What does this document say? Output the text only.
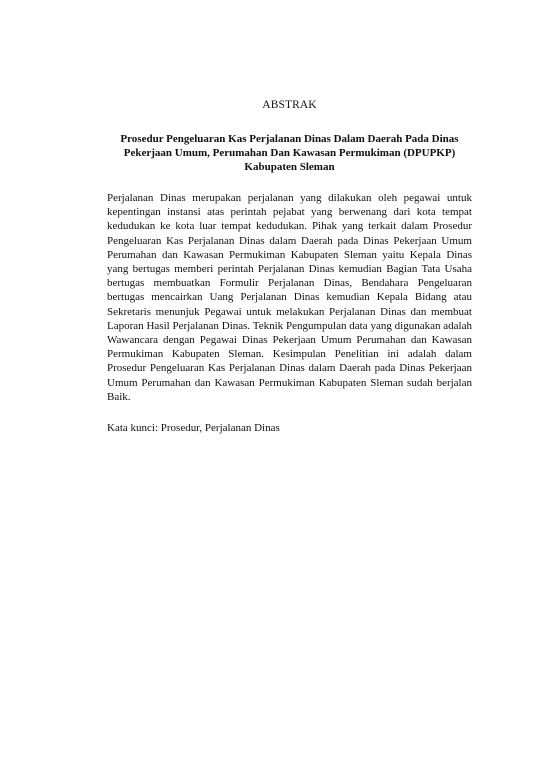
ABSTRAK
Prosedur Pengeluaran Kas Perjalanan Dinas Dalam Daerah Pada Dinas
Pekerjaan Umum, Perumahan Dan Kawasan Permukiman (DPUPKP)
Kabupaten Sleman

Perjalanan Dinas merupakan perjalanan yang dilakukan oleh pegawai untuk kepentingan instansi atas perintah pejabat yang berwenang dari kota tempat kedudukan ke kota luar tempat kedudukan. Pihak yang terkait dalam Prosedur Pengeluaran Kas Perjalanan Dinas dalam Daerah pada Dinas Pekerjaan Umum Perumahan dan Kawasan Permukiman Kabupaten Sleman yaitu Kepala Dinas yang bertugas memberi perintah Perjalanan Dinas kemudian Bagian Tata Usaha bertugas membuatkan Formulir Perjalanan Dinas, Bendahara Pengeluaran bertugas mencairkan Uang Perjalanan Dinas kemudian Kepala Bidang atau Sekretaris menunjuk Pegawai untuk melakukan Perjalanan Dinas dan membuat Laporan Hasil Perjalanan Dinas. Teknik Pengumpulan data yang digunakan adalah Wawancara dengan Pegawai Dinas Pekerjaan Umum Perumahan dan Kawasan Permukiman Kabupaten Sleman. Kesimpulan Penelitian ini adalah dalam Prosedur Pengeluaran Kas Perjalanan Dinas dalam Daerah pada Dinas Pekerjaan Umum Perumahan dan Kawasan Permukiman Kabupaten Sleman sudah berjalan Baik.

Kata kunci: Prosedur, Perjalanan Dinas
